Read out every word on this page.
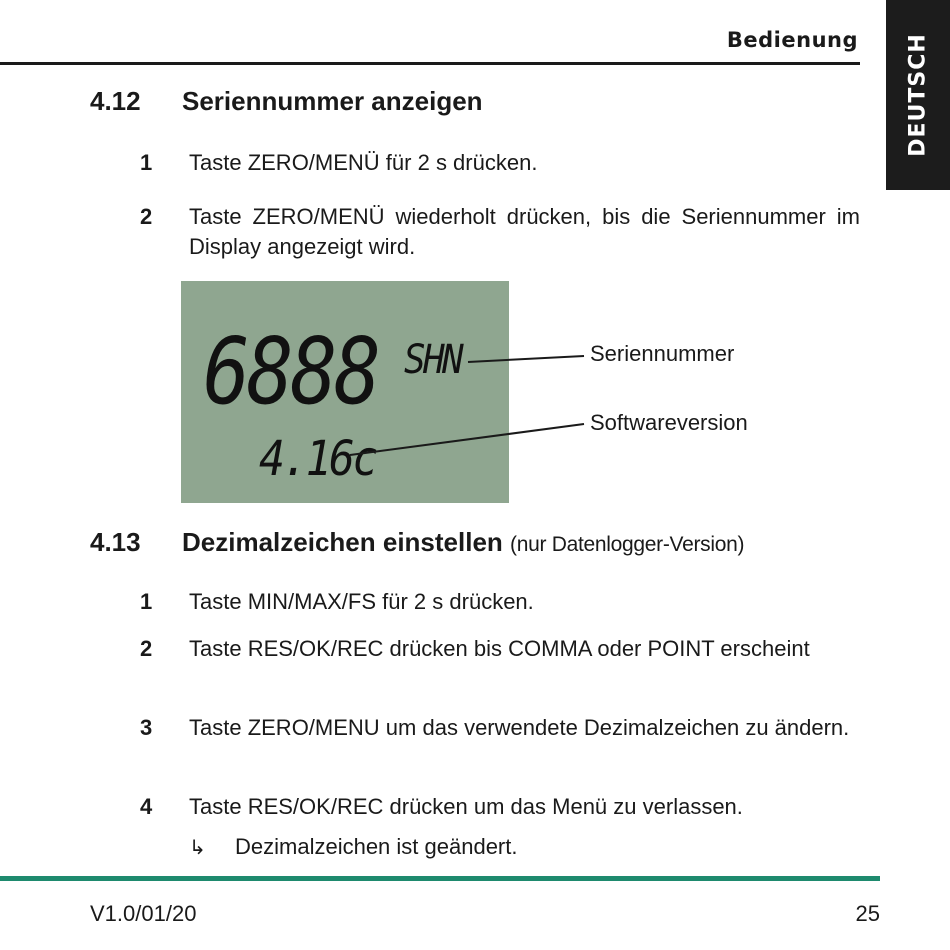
Bedienung DEUTSCH
4.12 Seriennummer anzeigen
1	Taste ZERO/MENÜ für 2 s drücken.
2	Taste ZERO/MENÜ wiederholt drücken, bis die Seriennummer im Display angezeigt wird.
6888
4.16c
SHN	Seriennummer
Softwareversion
4.13 Dezimalzeichen einstellen (nur Datenlogger-Version)
1	Taste MIN/MAX/FS für 2 s drücken.
2	Taste RES/OK/REC drücken bis COMMA oder POINT erscheint
3	Taste ZERO/MENU um das verwendete Dezimalzeichen zu ändern.
4	Taste RES/OK/REC drücken um das Menü zu verlassen.
↳ Dezimalzeichen ist geändert.
V1.0/01/20	25
